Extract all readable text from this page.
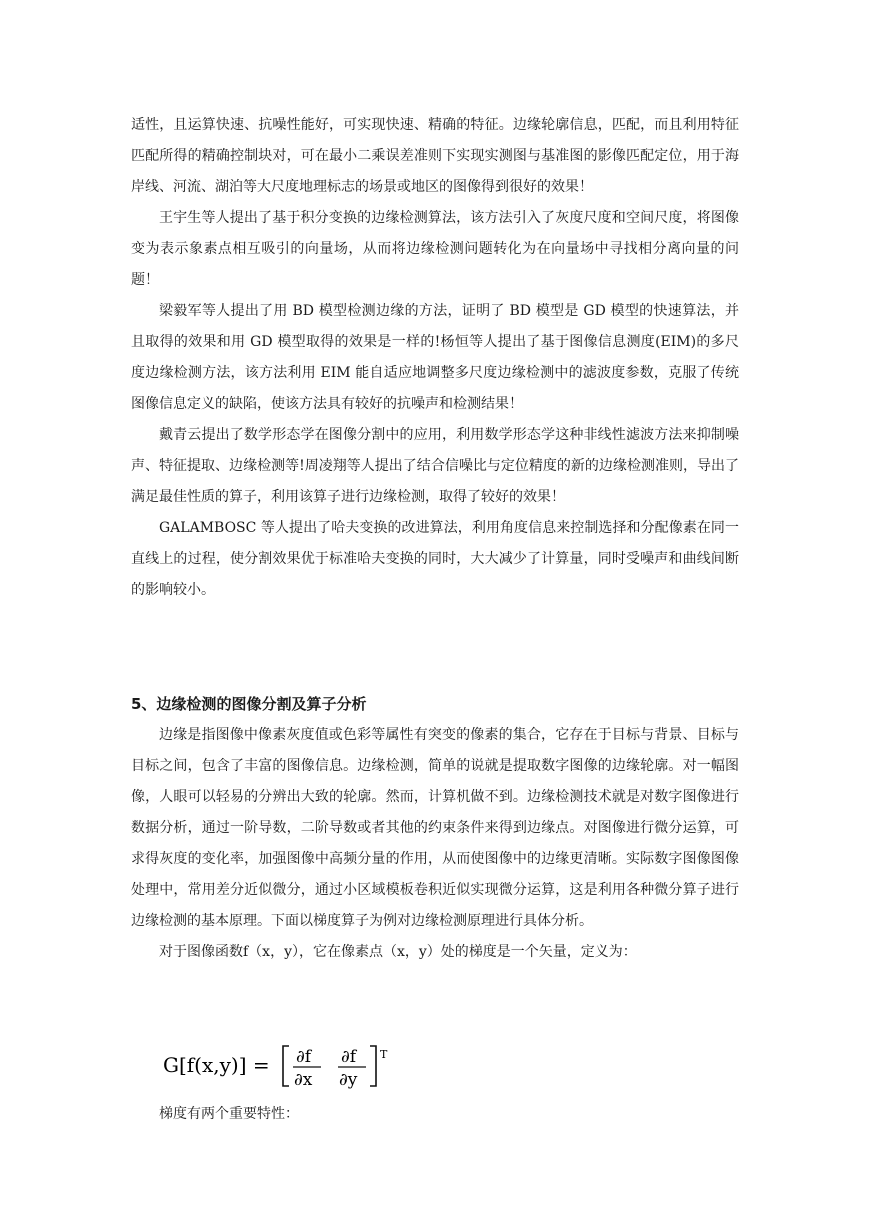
适性，且运算快速、抗噪性能好，可实现快速、精确的特征。边缘轮廓信息，匹配，而且利用特征匹配所得的精确控制块对，可在最小二乘误差准则下实现实测图与基准图的影像匹配定位，用于海岸线、河流、湖泊等大尺度地理标志的场景或地区的图像得到很好的效果！

王宇生等人提出了基于积分变换的边缘检测算法，该方法引入了灰度尺度和空间尺度，将图像变为表示象素点相互吸引的向量场，从而将边缘检测问题转化为在向量场中寻找相分离向量的问题！

梁毅军等人提出了用 BD 模型检测边缘的方法，证明了 BD 模型是 GD 模型的快速算法，并且取得的效果和用 GD 模型取得的效果是一样的!杨恒等人提出了基于图像信息测度(EIM)的多尺度边缘检测方法，该方法利用 EIM 能自适应地调整多尺度边缘检测中的滤波度参数，克服了传统图像信息定义的缺陷，使该方法具有较好的抗噪声和检测结果！

戴青云提出了数学形态学在图像分割中的应用，利用数学形态学这种非线性滤波方法来抑制噪声、特征提取、边缘检测等!周凌翔等人提出了结合信噪比与定位精度的新的边缘检测准则，导出了满足最佳性质的算子，利用该算子进行边缘检测，取得了较好的效果！

GALAMBOSC 等人提出了哈夫变换的改进算法，利用角度信息来控制选择和分配像素在同一直线上的过程，使分割效果优于标准哈夫变换的同时，大大减少了计算量，同时受噪声和曲线间断的影响较小。

5、边缘检测的图像分割及算子分析

边缘是指图像中像素灰度值或色彩等属性有突变的像素的集合，它存在于目标与背景、目标与目标之间，包含了丰富的图像信息。边缘检测，简单的说就是提取数字图像的边缘轮廓。对一幅图像，人眼可以轻易的分辨出大致的轮廓。然而，计算机做不到。边缘检测技术就是对数字图像进行数据分析，通过一阶导数，二阶导数或者其他的约束条件来得到边缘点。对图像进行微分运算，可求得灰度的变化率，加强图像中高频分量的作用，从而使图像中的边缘更清晰。实际数字图像图像处理中，常用差分近似微分，通过小区域模板卷积近似实现微分运算，这是利用各种微分算子进行边缘检测的基本原理。下面以梯度算子为例对边缘检测原理进行具体分析。

对于图像函数f（x，y），它在像素点（x，y）处的梯度是一个矢量，定义为：

G[f(x,y)] = ∂f
∂x
∂f
∂y
T

梯度有两个重要特性：
